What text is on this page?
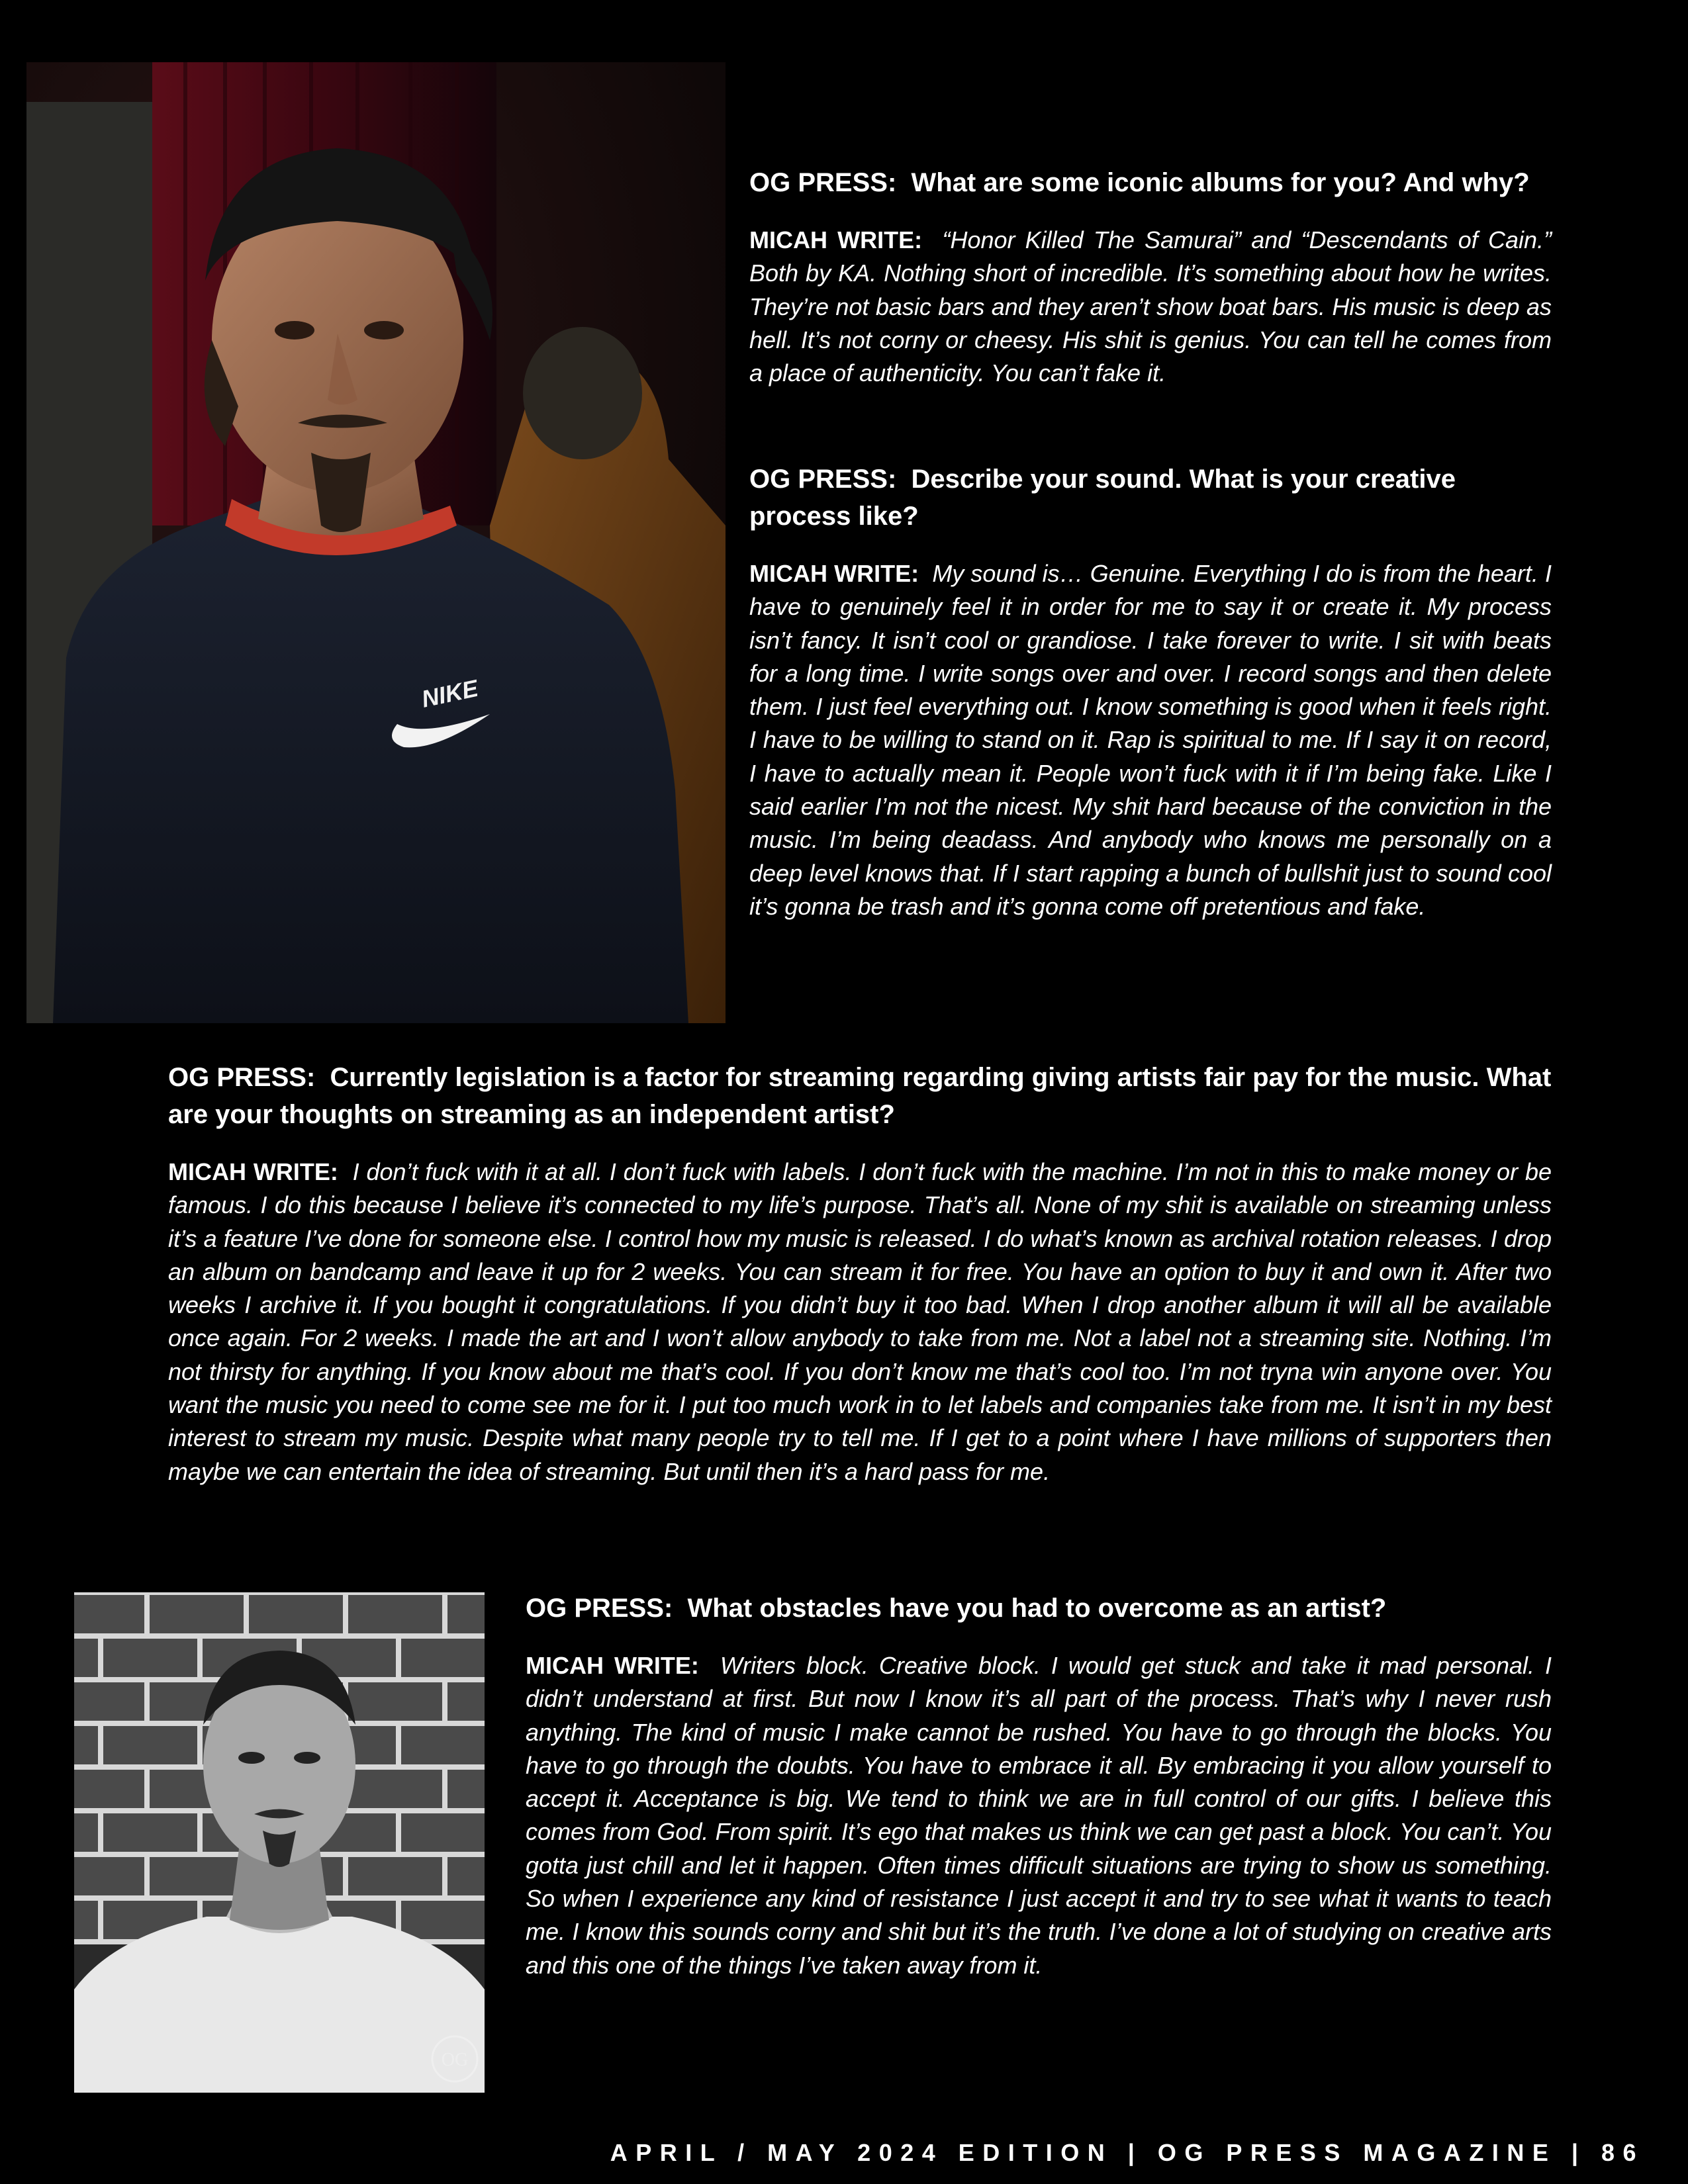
NIKE
OG

OG PRESS: What are some iconic albums for you? And why?

MICAH WRITE: “Honor Killed The Samurai” and “Descendants of Cain.” Both by KA. Nothing short of incredible. It’s something about how he writes. They’re not basic bars and they aren’t show boat bars. His music is deep as hell. It’s not corny or cheesy. His shit is genius. You can tell he comes from a place of authenticity. You can’t fake it.

OG PRESS: Describe your sound. What is your creative process like?

MICAH WRITE: My sound is… Genuine. Everything I do is from the heart. I have to genuinely feel it in order for me to say it or create it. My process isn’t fancy. It isn’t cool or grandiose. I take forever to write. I sit with beats for a long time. I write songs over and over. I record songs and then delete them. I just feel everything out. I know something is good when it feels right. I have to be willing to stand on it. Rap is spiritual to me. If I say it on record, I have to actually mean it. People won’t fuck with it if I’m being fake. Like I said earlier I’m not the nicest. My shit hard because of the conviction in the music. I’m being deadass. And anybody who knows me personally on a deep level knows that. If I start rapping a bunch of bullshit just to sound cool it’s gonna be trash and it’s gonna come off pretentious and fake.

OG PRESS: Currently legislation is a factor for streaming regarding giving artists fair pay for the music. What are your thoughts on streaming as an independent artist?

MICAH WRITE: I don’t fuck with it at all. I don’t fuck with labels. I don’t fuck with the machine. I’m not in this to make money or be famous. I do this because I believe it’s connected to my life’s purpose. That’s all. None of my shit is available on streaming unless it’s a feature I’ve done for someone else. I control how my music is released. I do what’s known as archival rotation releases. I drop an album on bandcamp and leave it up for 2 weeks. You can stream it for free. You have an option to buy it and own it. After two weeks I archive it. If you bought it congratulations. If you didn’t buy it too bad. When I drop another album it will all be available once again. For 2 weeks. I made the art and I won’t allow anybody to take from me. Not a label not a streaming site. Nothing. I’m not thirsty for anything. If you know about me that’s cool. If you don’t know me that’s cool too. I’m not tryna win anyone over. You want the music you need to come see me for it. I put too much work in to let labels and companies take from me. It isn’t in my best interest to stream my music. Despite what many people try to tell me. If I get to a point where I have millions of supporters then maybe we can entertain the idea of streaming. But until then it’s a hard pass for me.

OG PRESS: What obstacles have you had to overcome as an artist?

MICAH WRITE: Writers block. Creative block. I would get stuck and take it mad personal. I didn’t understand at first. But now I know it’s all part of the process. That’s why I never rush anything. The kind of music I make cannot be rushed. You have to go through the blocks. You have to go through the doubts. You have to embrace it all. By embracing it you allow yourself to accept it. Acceptance is big. We tend to think we are in full control of our gifts. I believe this comes from God. From spirit. It’s ego that makes us think we can get past a block. You can’t. You gotta just chill and let it happen. Often times difficult situations are trying to show us something. So when I experience any kind of resistance I just accept it and try to see what it wants to teach me. I know this sounds corny and shit but it’s the truth. I’ve done a lot of studying on creative arts and this one of the things I’ve taken away from it.

APRIL / MAY 2024 EDITION | OG PRESS MAGAZINE | 86
